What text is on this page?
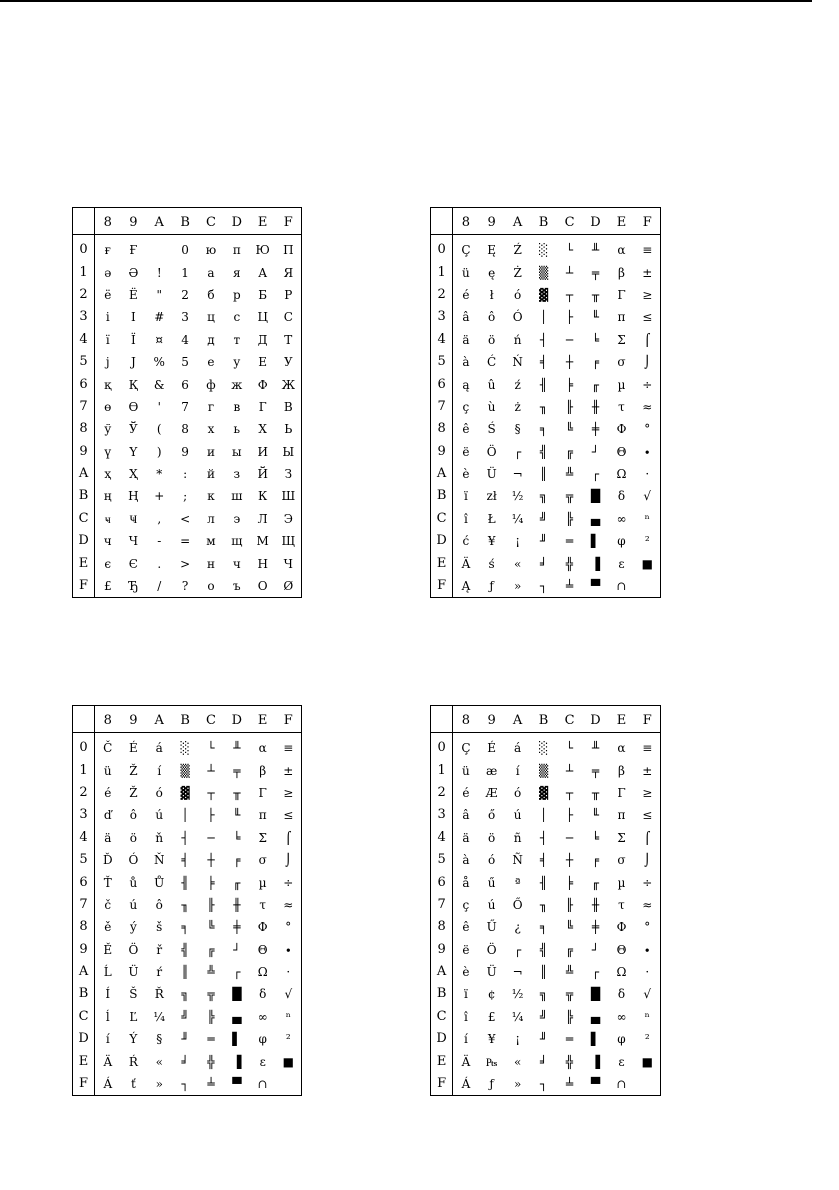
	8	9	A	B	C	D	E	F
0	ғ	Ғ		0	ю	п	Ю	П
1	ә	Ә	!	1	а	я	А	Я
2	ё	Ё	"	2	б	р	Б	Р
3	і	І	#	3	ц	с	Ц	С
4	ї	Ї	¤	4	д	т	Д	Т
5	ј	Ј	%	5	е	у	Е	У
6	қ	Қ	&	6	ф	ж	Ф	Ж
7	ө	Ө	'	7	г	в	Г	В
8	ў	Ў	(	8	х	ь	Х	Ь
9	ү	Ү	)	9	и	ы	И	Ы
A	ҳ	Ҳ	*	:	й	з	Й	З
B	ң	Ң	+	;	к	ш	К	Ш
C	ҹ	Ҹ	,	<	л	э	Л	Э
D	ч	Ч	-	=	м	щ	М	Щ
E	є	Є	.	>	н	ч	Н	Ч
F	£	Ђ	/	?	о	ъ	О	Ø
	8	9	A	B	C	D	E	F
0	Ç	Ę	Ź	░	└	╨	α	≡
1	ü	ę	Ż	▒	┴	╤	β	±
2	é	ł	ó	▓	┬	╥	Γ	≥
3	â	ô	Ó	│	├	╙	π	≤
4	ä	ö	ń	┤	─	╘	Σ	⌠
5	à	Ć	Ń	╡	┼	╒	σ	⌡
6	ą	û	ź	╢	╞	╓	µ	÷
7	ç	ù	ż	╖	╟	╫	τ	≈
8	ê	Ś	§	╕	╚	╪	Φ	°
9	ë	Ö	┌	╣	╔	┘	Θ	∙
A	è	Ü	¬	║	╩	┌	Ω	·
B	ï	zł	½	╗	╦	█	δ	√
C	î	Ł	¼	╝	╠	▄	∞	ⁿ
D	ć	¥	¡	╜	═	▌	φ	²
E	Ä	ś	«	╛	╬	▐	ε	■
F	Ą	ƒ	»	┐	╧	▀	∩	
	8	9	A	B	C	D	E	F
0	Č	É	á	░	└	╨	α	≡
1	ü	Ž	í	▒	┴	╤	β	±
2	é	Ž	ó	▓	┬	╥	Γ	≥
3	ď	ô	ú	│	├	╙	π	≤
4	ä	ö	ň	┤	─	╘	Σ	⌠
5	Ď	Ó	Ň	╡	┼	╒	σ	⌡
6	Ť	ů	Ů	╢	╞	╓	µ	÷
7	č	ú	ô	╖	╟	╫	τ	≈
8	ě	ý	š	╕	╚	╪	Φ	°
9	Ě	Ö	ř	╣	╔	┘	Θ	∙
A	Ĺ	Ü	ŕ	║	╩	┌	Ω	·
B	Í	Š	Ř	╗	╦	█	δ	√
C	ĺ	Ľ	¼	╝	╠	▄	∞	ⁿ
D	í	Ý	§	╜	═	▌	φ	²
E	Ä	Ŕ	«	╛	╬	▐	ε	■
F	Á	ť	»	┐	╧	▀	∩	
	8	9	A	B	C	D	E	F
0	Ç	É	á	░	└	╨	α	≡
1	ü	æ	í	▒	┴	╤	β	±
2	é	Æ	ó	▓	┬	╥	Γ	≥
3	â	ő	ú	│	├	╙	π	≤
4	ä	ö	ñ	┤	─	╘	Σ	⌠
5	à	ó	Ñ	╡	┼	╒	σ	⌡
6	å	ű	ª	╢	╞	╓	µ	÷
7	ç	ú	Ő	╖	╟	╫	τ	≈
8	ê	Ű	¿	╕	╚	╪	Φ	°
9	ë	Ö	┌	╣	╔	┘	Θ	∙
A	è	Ü	¬	║	╩	┌	Ω	·
B	ï	¢	½	╗	╦	█	δ	√
C	î	£	¼	╝	╠	▄	∞	ⁿ
D	í	¥	¡	╜	═	▌	φ	²
E	Ä	₧	«	╛	╬	▐	ε	■
F	Á	ƒ	»	┐	╧	▀	∩	
